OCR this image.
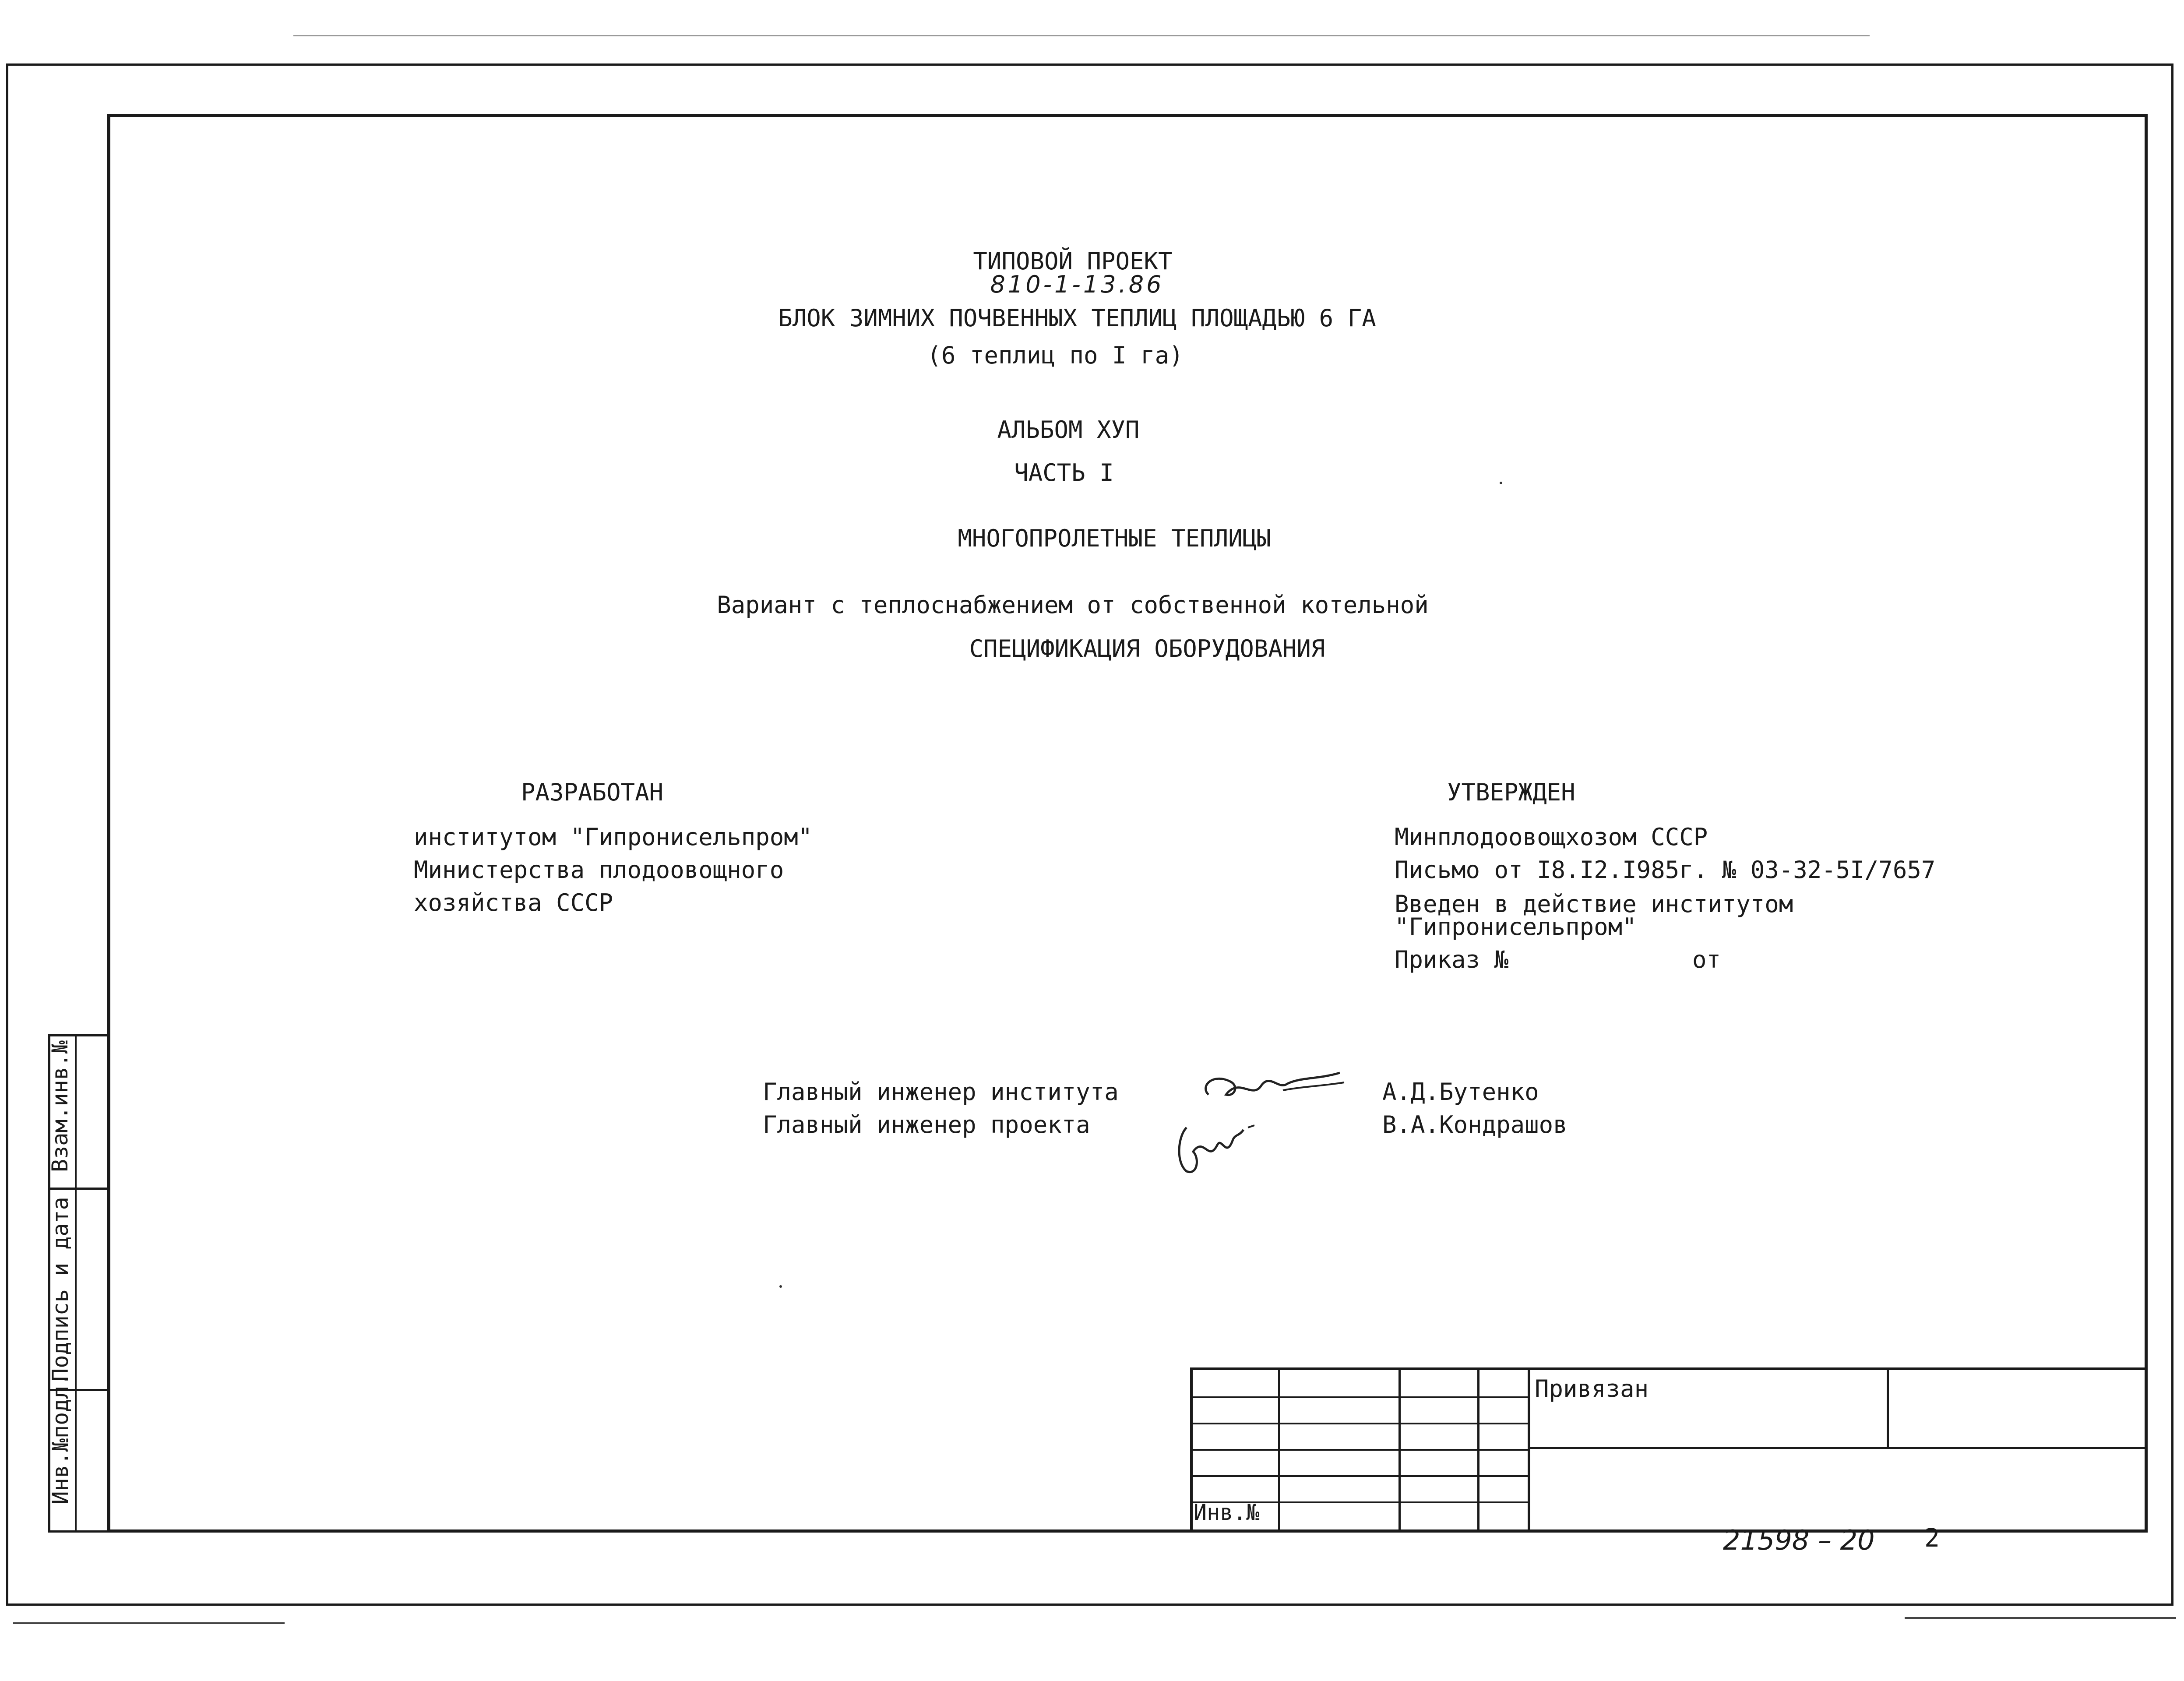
Взам.инв.№
Подпись и дата
Инв.№подл.
ТИПОВОЙ ПРОЕКТ
810-1-13.86
БЛОК ЗИМНИХ ПОЧВЕННЫХ ТЕПЛИЦ ПЛОЩАДЬЮ 6 ГА
(6 теплиц по I га)
АЛЬБОМ ХУП
ЧАСТЬ I
МНОГОПРОЛЕТНЫЕ ТЕПЛИЦЫ
Вариант с теплоснабжением от собственной котельной
СПЕЦИФИКАЦИЯ ОБОРУДОВАНИЯ
РАЗРАБОТАН
институтом "Гипронисельпром"
Министерства плодоовощного
хозяйства СССР
УТВЕРЖДЕН
Минплодоовощхозом СССР
Письмо от I8.I2.I985г. № 03-32-5I/7657
Введен в действие институтом
"Гипронисельпром"
Приказ №	от
Главный инженер института
Главный инженер проекта
А.Д.Бутенко
В.А.Кондрашов
Привязан
Инв.№
21598 – 20 2
